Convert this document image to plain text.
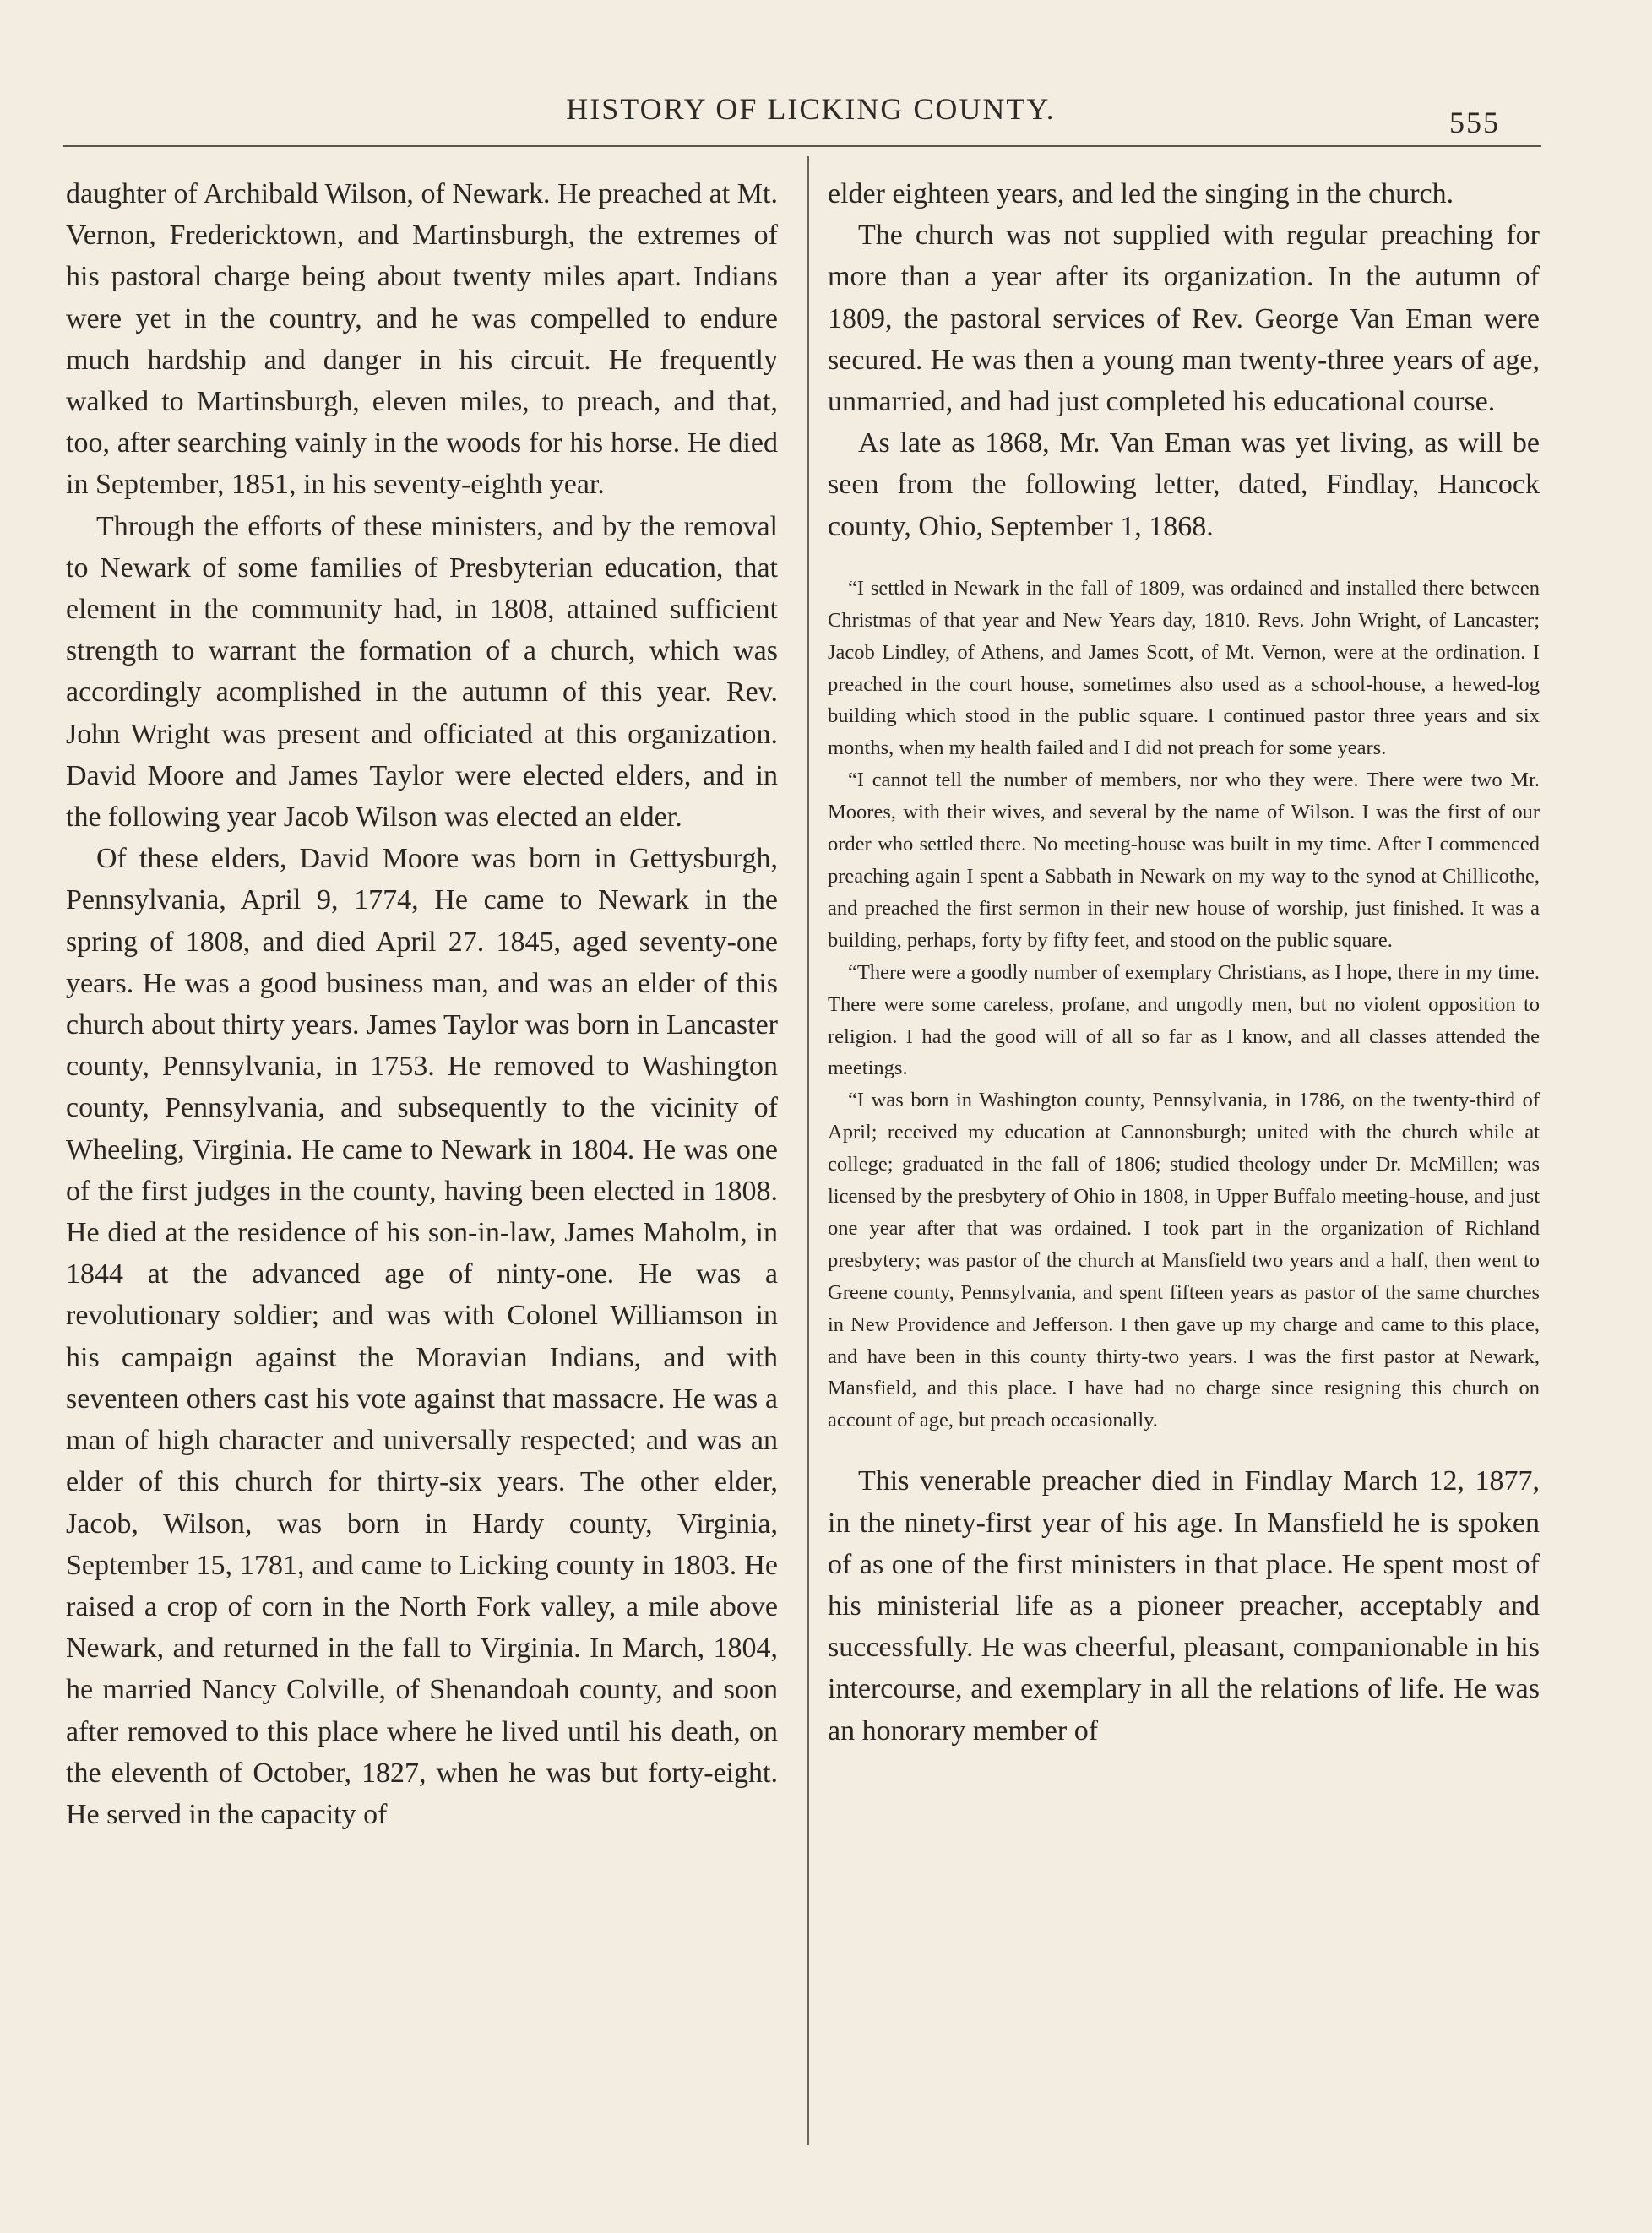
HISTORY OF LICKING COUNTY.	555

daughter of Archibald Wilson, of Newark. He preached at Mt. Vernon, Fredericktown, and Martinsburgh, the extremes of his pastoral charge being about twenty miles apart. Indians were yet in the country, and he was compelled to endure much hardship and danger in his circuit. He frequently walked to Martinsburgh, eleven miles, to preach, and that, too, after searching vainly in the woods for his horse. He died in September, 1851, in his seventy-eighth year.

Through the efforts of these ministers, and by the removal to Newark of some families of Presbyterian education, that element in the community had, in 1808, attained sufficient strength to warrant the formation of a church, which was accordingly acomplished in the autumn of this year. Rev. John Wright was present and officiated at this organization. David Moore and James Taylor were elected elders, and in the following year Jacob Wilson was elected an elder.

Of these elders, David Moore was born in Gettysburgh, Pennsylvania, April 9, 1774, He came to Newark in the spring of 1808, and died April 27. 1845, aged seventy-one years. He was a good business man, and was an elder of this church about thirty years. James Taylor was born in Lancaster county, Pennsylvania, in 1753. He removed to Washington county, Pennsylvania, and subsequently to the vicinity of Wheeling, Virginia. He came to Newark in 1804. He was one of the first judges in the county, having been elected in 1808. He died at the residence of his son-in-law, James Maholm, in 1844 at the advanced age of ninty-one. He was a revolutionary soldier; and was with Colonel Williamson in his campaign against the Moravian Indians, and with seventeen others cast his vote against that massacre. He was a man of high character and universally respected; and was an elder of this church for thirty-six years. The other elder, Jacob, Wilson, was born in Hardy county, Virginia, September 15, 1781, and came to Licking county in 1803. He raised a crop of corn in the North Fork valley, a mile above Newark, and returned in the fall to Virginia. In March, 1804, he married Nancy Colville, of Shenandoah county, and soon after removed to this place where he lived until his death, on the eleventh of October, 1827, when he was but forty-eight. He served in the capacity of

elder eighteen years, and led the singing in the church.

The church was not supplied with regular preaching for more than a year after its organization. In the autumn of 1809, the pastoral services of Rev. George Van Eman were secured. He was then a young man twenty-three years of age, unmarried, and had just completed his educational course.

As late as 1868, Mr. Van Eman was yet living, as will be seen from the following letter, dated, Findlay, Hancock county, Ohio, September 1, 1868.

“I settled in Newark in the fall of 1809, was ordained and installed there between Christmas of that year and New Years day, 1810. Revs. John Wright, of Lancaster; Jacob Lindley, of Athens, and James Scott, of Mt. Vernon, were at the ordination. I preached in the court house, sometimes also used as a school-house, a hewed-log building which stood in the public square. I continued pastor three years and six months, when my health failed and I did not preach for some years.

“I cannot tell the number of members, nor who they were. There were two Mr. Moores, with their wives, and several by the name of Wilson. I was the first of our order who settled there. No meeting-house was built in my time. After I commenced preaching again I spent a Sabbath in Newark on my way to the synod at Chillicothe, and preached the first sermon in their new house of worship, just finished. It was a building, perhaps, forty by fifty feet, and stood on the public square.

“There were a goodly number of exemplary Christians, as I hope, there in my time. There were some careless, profane, and ungodly men, but no violent opposition to religion. I had the good will of all so far as I know, and all classes attended the meetings.

“I was born in Washington county, Pennsylvania, in 1786, on the twenty-third of April; received my education at Cannonsburgh; united with the church while at college; graduated in the fall of 1806; studied theology under Dr. McMillen; was licensed by the presbytery of Ohio in 1808, in Upper Buffalo meeting-house, and just one year after that was ordained. I took part in the organization of Richland presbytery; was pastor of the church at Mansfield two years and a half, then went to Greene county, Pennsylvania, and spent fifteen years as pastor of the same churches in New Providence and Jefferson. I then gave up my charge and came to this place, and have been in this county thirty-two years. I was the first pastor at Newark, Mansfield, and this place. I have had no charge since resigning this church on account of age, but preach occasionally.

This venerable preacher died in Findlay March 12, 1877, in the ninety-first year of his age. In Mansfield he is spoken of as one of the first ministers in that place. He spent most of his ministerial life as a pioneer preacher, acceptably and successfully. He was cheerful, pleasant, companionable in his intercourse, and exemplary in all the relations of life. He was an honorary member of
